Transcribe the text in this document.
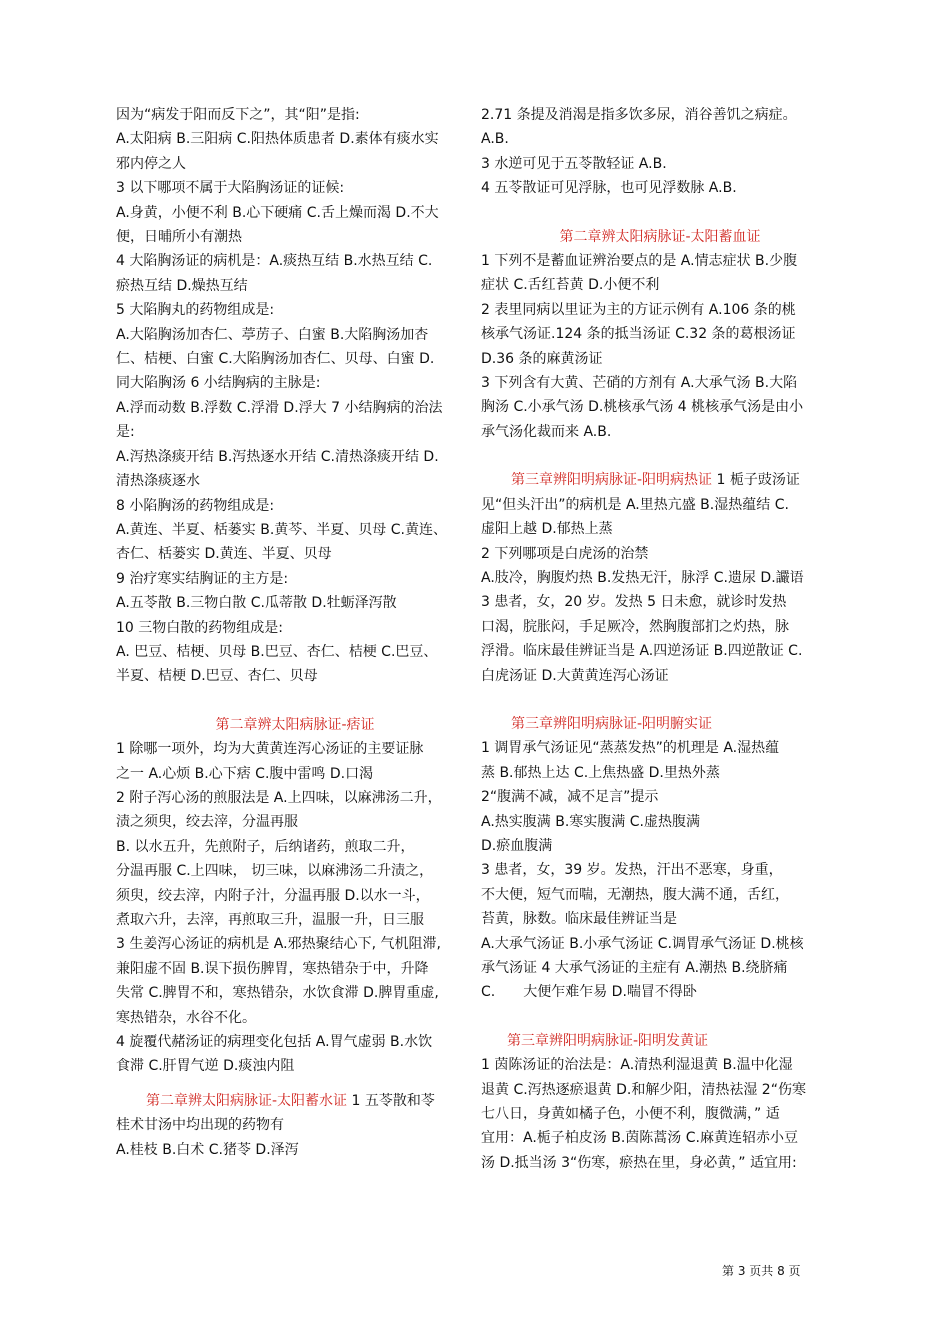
因为“病发于阳而反下之”，其“阳”是指:

A.太阳病 B.三阳病 C.阳热体质患者 D.素体有痰水实

邪内停之人

3 以下哪项不属于大陷胸汤证的证候:

A.身黄，小便不利 B.心下硬痛 C.舌上燥而渴 D.不大

便，日晡所小有潮热

4 大陷胸汤证的病机是：A.痰热互结 B.水热互结 C.

瘀热互结 D.燥热互结

5 大陷胸丸的药物组成是:

A.大陷胸汤加杏仁、葶苈子、白蜜 B.大陷胸汤加杏

仁、桔梗、白蜜 C.大陷胸汤加杏仁、贝母、白蜜 D.

同大陷胸汤 6 小结胸病的主脉是:

A.浮而动数 B.浮数 C.浮滑 D.浮大 7 小结胸病的治法

是:

A.泻热涤痰开结 B.泻热逐水开结 C.清热涤痰开结 D.

清热涤痰逐水

8 小陷胸汤的药物组成是:

A.黄连、半夏、栝蒌实 B.黄芩、半夏、贝母 C.黄连、

杏仁、栝蒌实 D.黄连、半夏、贝母

9 治疗寒实结胸证的主方是:

A.五苓散 B.三物白散 C.瓜蒂散 D.牡蛎泽泻散

10 三物白散的药物组成是:

A. 巴豆、桔梗、贝母 B.巴豆、杏仁、桔梗 C.巴豆、

半夏、桔梗 D.巴豆、杏仁、贝母

第二章辨太阳病脉证-痞证

1 除哪一项外，均为大黄黄连泻心汤证的主要证脉

之一 A.心烦 B.心下痞 C.腹中雷鸣 D.口渴

2 附子泻心汤的煎服法是 A.上四味，以麻沸汤二升，

渍之须臾，绞去滓，分温再服

B. 以水五升，先煎附子，后纳诸药，煎取二升，

分温再服 C.上四味， 切三味，以麻沸汤二升渍之，

须臾，绞去滓，内附子汁，分温再服 D.以水一斗，

煮取六升，去滓，再煎取三升，温服一升，日三服

3 生姜泻心汤证的病机是 A.邪热聚结心下, 气机阻滞,

兼阳虚不固 B.误下损伤脾胃，寒热错杂于中，升降

失常 C.脾胃不和，寒热错杂，水饮食滞 D.脾胃重虚,

寒热错杂，水谷不化。

4 旋覆代赭汤证的病理变化包括 A.胃气虚弱 B.水饮

食滞 C.肝胃气逆 D.痰浊内阻

第二章辨太阳病脉证-太阳蓄水证 1 五苓散和苓

桂术甘汤中均出现的药物有

A.桂枝 B.白术 C.猪苓 D.泽泻

2.71 条提及消渴是指多饮多尿，消谷善饥之病症。

A.B.

3 水逆可见于五苓散轻证 A.B.

4 五苓散证可见浮脉，也可见浮数脉 A.B.

第二章辨太阳病脉证-太阳蓄血证

1 下列不是蓄血证辨治要点的是 A.情志症状 B.少腹

症状 C.舌红苔黄 D.小便不利

2 表里同病以里证为主的方证示例有 A.106 条的桃

核承气汤证.124 条的抵当汤证 C.32 条的葛根汤证

D.36 条的麻黄汤证

3 下列含有大黄、芒硝的方剂有 A.大承气汤 B.大陷

胸汤 C.小承气汤 D.桃核承气汤 4 桃核承气汤是由小

承气汤化裁而来 A.B.

第三章辨阳明病脉证-阳明病热证 1 栀子豉汤证

见“但头汗出”的病机是 A.里热亢盛 B.湿热蕴结 C.

虚阳上越 D.郁热上蒸

2 下列哪项是白虎汤的治禁

A.肢冷，胸腹灼热 B.发热无汗，脉浮 C.遗尿 D.讝语

3 患者，女，20 岁。发热 5 日未愈，就诊时发热

口渴，脘胀闷，手足厥冷，然胸腹部扪之灼热，脉

浮滑。临床最佳辨证当是 A.四逆汤证 B.四逆散证 C.

白虎汤证 D.大黄黄连泻心汤证

第三章辨阳明病脉证-阳明腑实证

1 调胃承气汤证见“蒸蒸发热”的机理是 A.湿热蕴

蒸 B.郁热上达 C.上焦热盛 D.里热外蒸

2“腹满不减，减不足言”提示

A.热实腹满 B.寒实腹满 C.虚热腹满

D.瘀血腹满

3 患者，女，39 岁。发热，汗出不恶寒，身重，

不大便，短气而喘，无潮热，腹大满不通，舌红，

苔黄，脉数。临床最佳辨证当是

A.大承气汤证 B.小承气汤证 C.调胃承气汤证 D.桃核

承气汤证 4 大承气汤证的主症有 A.潮热 B.绕脐痛

C.　　大便乍难乍易 D.喘冒不得卧

第三章辨阳明病脉证-阳明发黄证

1 茵陈汤证的治法是：A.清热利湿退黄 B.温中化湿

退黄 C.泻热逐瘀退黄 D.和解少阳，清热祛湿 2“伤寒

七八日，身黄如橘子色，小便不利，腹微满，” 适

宜用：A.栀子柏皮汤 B.茵陈蒿汤 C.麻黄连轺赤小豆

汤 D.抵当汤 3“伤寒，瘀热在里，身必黄，” 适宜用:

第 3 页共 8 页
